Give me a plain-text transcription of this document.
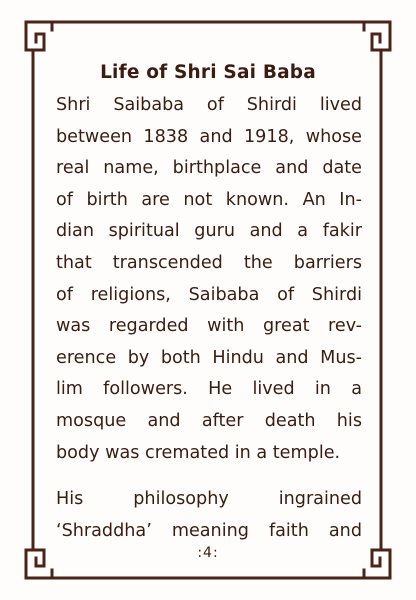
Life of Shri Sai Baba

Shri Saibaba of Shirdi lived
between 1838 and 1918, whose
real name, birthplace and date
of birth are not known. An In-
dian spiritual guru and a fakir
that transcended the barriers
of religions, Saibaba of Shirdi
was regarded with great rev-
erence by both Hindu and Mus-
lim followers. He lived in a
mosque and after death his
body was cremated in a temple.

His philosophy ingrained
‘Shraddha’ meaning faith and

:4:
